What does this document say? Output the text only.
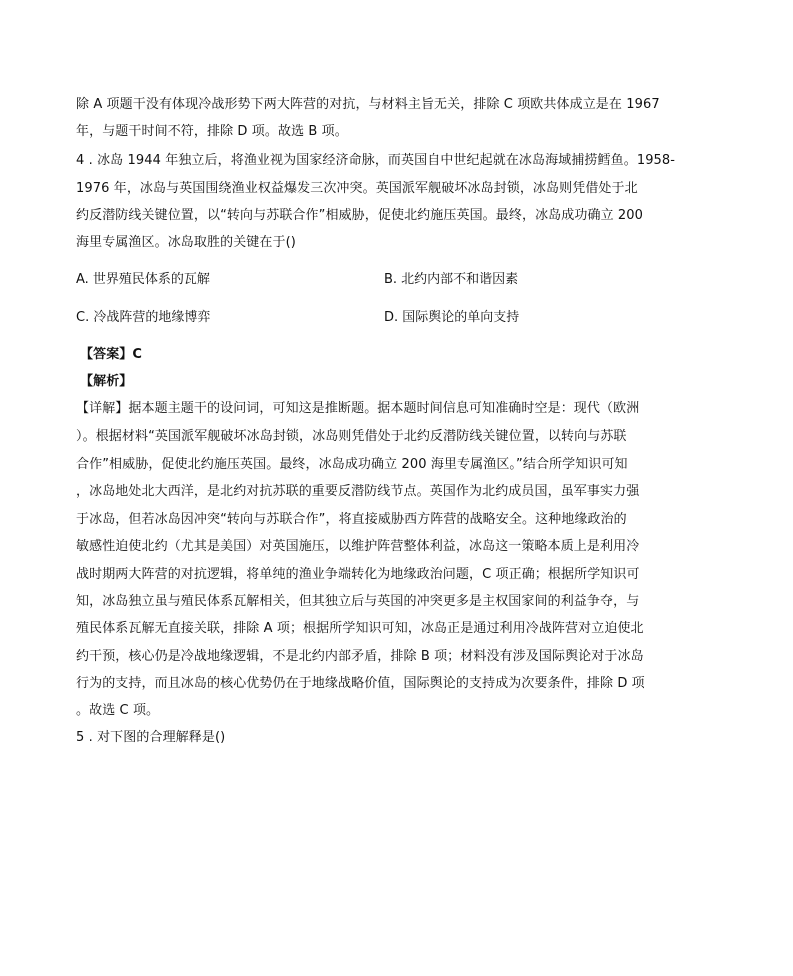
除 A 项题干没有体现冷战形势下两大阵营的对抗，与材料主旨无关，排除 C 项欧共体成立是在 1967
年，与题干时间不符，排除 D 项。故选 B 项。
4 . 冰岛 1944 年独立后，将渔业视为国家经济命脉，而英国自中世纪起就在冰岛海域捕捞鳕鱼。1958-
1976 年，冰岛与英国围绕渔业权益爆发三次冲突。英国派军舰破坏冰岛封锁，冰岛则凭借处于北
约反潜防线关键位置，以“转向与苏联合作”相威胁，促使北约施压英国。最终，冰岛成功确立 200
海里专属渔区。冰岛取胜的关键在于()
A. 世界殖民体系的瓦解	B. 北约内部不和谐因素
C. 冷战阵营的地缘博弈	D. 国际舆论的单向支持
【答案】C
【解析】
【详解】据本题主题干的设问词，可知这是推断题。据本题时间信息可知准确时空是：现代（欧洲
）。根据材料“英国派军舰破坏冰岛封锁，冰岛则凭借处于北约反潜防线关键位置，以转向与苏联
合作”相威胁，促使北约施压英国。最终，冰岛成功确立 200 海里专属渔区。”结合所学知识可知
，冰岛地处北大西洋，是北约对抗苏联的重要反潜防线节点。英国作为北约成员国，虽军事实力强
于冰岛，但若冰岛因冲突“转向与苏联合作”，将直接威胁西方阵营的战略安全。这种地缘政治的
敏感性迫使北约（尤其是美国）对英国施压，以维护阵营整体利益，冰岛这一策略本质上是利用冷
战时期两大阵营的对抗逻辑，将单纯的渔业争端转化为地缘政治问题，C 项正确；根据所学知识可
知，冰岛独立虽与殖民体系瓦解相关，但其独立后与英国的冲突更多是主权国家间的利益争夺，与
殖民体系瓦解无直接关联，排除 A 项；根据所学知识可知，冰岛正是通过利用冷战阵营对立迫使北
约干预，核心仍是冷战地缘逻辑，不是北约内部矛盾，排除 B 项；材料没有涉及国际舆论对于冰岛
行为的支持，而且冰岛的核心优势仍在于地缘战略价值，国际舆论的支持成为次要条件，排除 D 项
。故选 C 项。
5 . 对下图的合理解释是()
